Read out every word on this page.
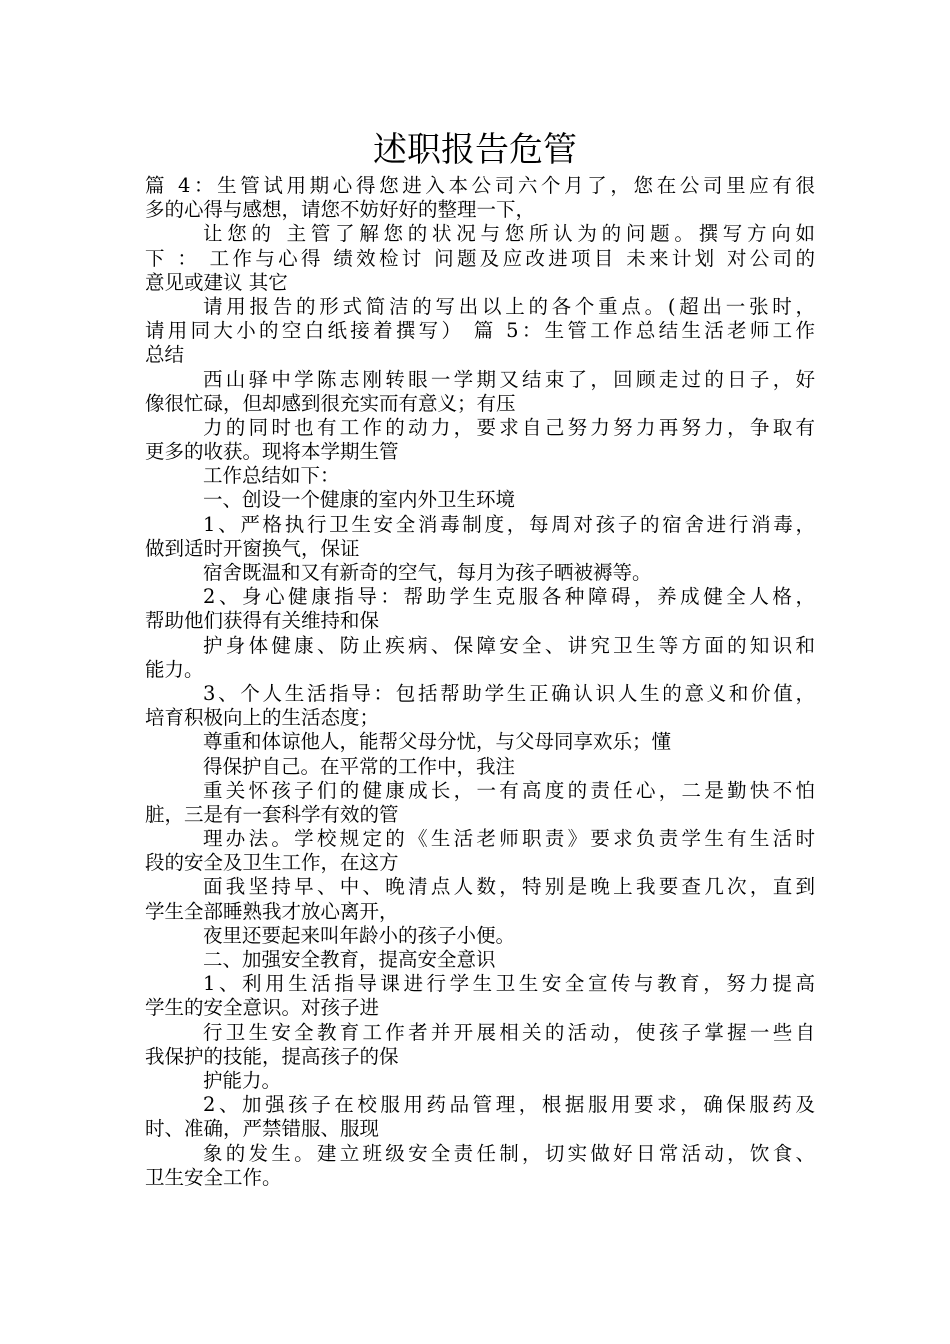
述职报告危管
篇 4：生管试用期心得您进入本公司六个月了，您在公司里应有很
多的心得与感想，请您不妨好好的整理一下，
让您的 主管了解您的状况与您所认为的问题。撰写方向如
下 ： 工作与心得 绩效检讨 问题及应改进项目 未来计划 对公司的
意见或建议 其它
请用报告的形式简洁的写出以上的各个重点。(超出一张时，
请用同大小的空白纸接着撰写） 篇 5：生管工作总结生活老师工作
总结
西山驿中学陈志刚转眼一学期又结束了，回顾走过的日子，好
像很忙碌，但却感到很充实而有意义；有压
力的同时也有工作的动力，要求自己努力努力再努力，争取有
更多的收获。现将本学期生管
工作总结如下：
一、创设一个健康的室内外卫生环境
1、严格执行卫生安全消毒制度，每周对孩子的宿舍进行消毒，
做到适时开窗换气，保证
宿舍既温和又有新奇的空气，每月为孩子晒被褥等。
2、身心健康指导：帮助学生克服各种障碍，养成健全人格，
帮助他们获得有关维持和保
护身体健康、防止疾病、保障安全、讲究卫生等方面的知识和
能力。
3、个人生活指导：包括帮助学生正确认识人生的意义和价值，
培育积极向上的生活态度；
尊重和体谅他人，能帮父母分忧，与父母同享欢乐；懂
得保护自己。在平常的工作中，我注
重关怀孩子们的健康成长，一有高度的责任心，二是勤快不怕
脏，三是有一套科学有效的管
理办法。学校规定的《生活老师职责》要求负责学生有生活时
段的安全及卫生工作，在这方
面我坚持早、中、晚清点人数，特别是晚上我要查几次，直到
学生全部睡熟我才放心离开，
夜里还要起来叫年龄小的孩子小便。
二、加强安全教育，提高安全意识
1、利用生活指导课进行学生卫生安全宣传与教育，努力提高
学生的安全意识。对孩子进
行卫生安全教育工作者并开展相关的活动，使孩子掌握一些自
我保护的技能，提高孩子的保
护能力。
2、加强孩子在校服用药品管理，根据服用要求，确保服药及
时、准确，严禁错服、服现
象的发生。建立班级安全责任制，切实做好日常活动，饮食、
卫生安全工作。
